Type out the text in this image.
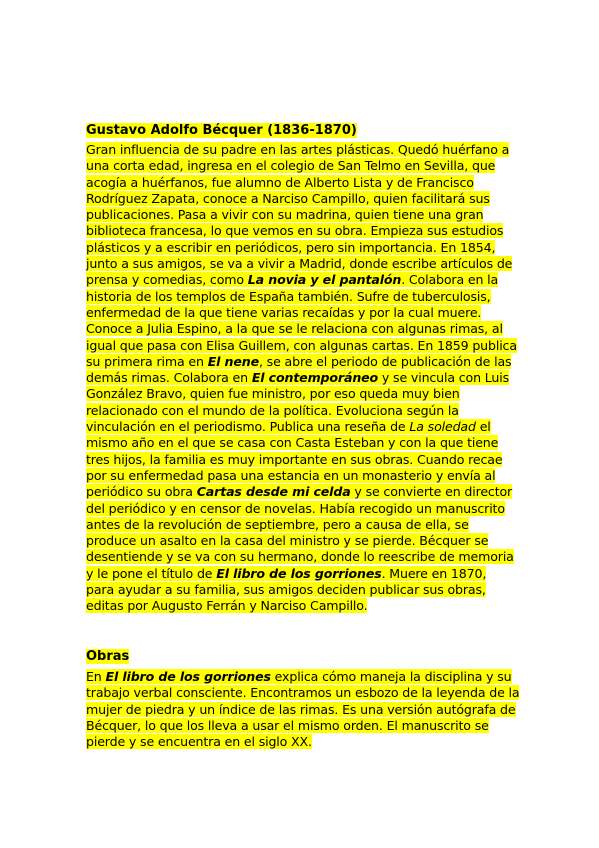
Gustavo Adolfo Bécquer (1836-1870)
Gran influencia de su padre en las artes plásticas. Quedó huérfano a
una corta edad, ingresa en el colegio de San Telmo en Sevilla, que
acogía a huérfanos, fue alumno de Alberto Lista y de Francisco
Rodríguez Zapata, conoce a Narciso Campillo, quien facilitará sus
publicaciones. Pasa a vivir con su madrina, quien tiene una gran
biblioteca francesa, lo que vemos en su obra. Empieza sus estudios
plásticos y a escribir en periódicos, pero sin importancia. En 1854,
junto a sus amigos, se va a vivir a Madrid, donde escribe artículos de
prensa y comedias, como La novia y el pantalón. Colabora en la
historia de los templos de España también. Sufre de tuberculosis,
enfermedad de la que tiene varias recaídas y por la cual muere.
Conoce a Julia Espino, a la que se le relaciona con algunas rimas, al
igual que pasa con Elisa Guillem, con algunas cartas. En 1859 publica
su primera rima en El nene, se abre el periodo de publicación de las
demás rimas. Colabora en El contemporáneo y se vincula con Luis
González Bravo, quien fue ministro, por eso queda muy bien
relacionado con el mundo de la política. Evoluciona según la
vinculación en el periodismo. Publica una reseña de La soledad el
mismo año en el que se casa con Casta Esteban y con la que tiene
tres hijos, la familia es muy importante en sus obras. Cuando recae
por su enfermedad pasa una estancia en un monasterio y envía al
periódico su obra Cartas desde mi celda y se convierte en director
del periódico y en censor de novelas. Había recogido un manuscrito
antes de la revolución de septiembre, pero a causa de ella, se
produce un asalto en la casa del ministro y se pierde. Bécquer se
desentiende y se va con su hermano, donde lo reescribe de memoria
y le pone el título de El libro de los gorriones. Muere en 1870,
para ayudar a su familia, sus amigos deciden publicar sus obras,
editas por Augusto Ferrán y Narciso Campillo.
Obras
En El libro de los gorriones explica cómo maneja la disciplina y su
trabajo verbal consciente. Encontramos un esbozo de la leyenda de la
mujer de piedra y un índice de las rimas. Es una versión autógrafa de
Bécquer, lo que los lleva a usar el mismo orden. El manuscrito se
pierde y se encuentra en el siglo XX.
